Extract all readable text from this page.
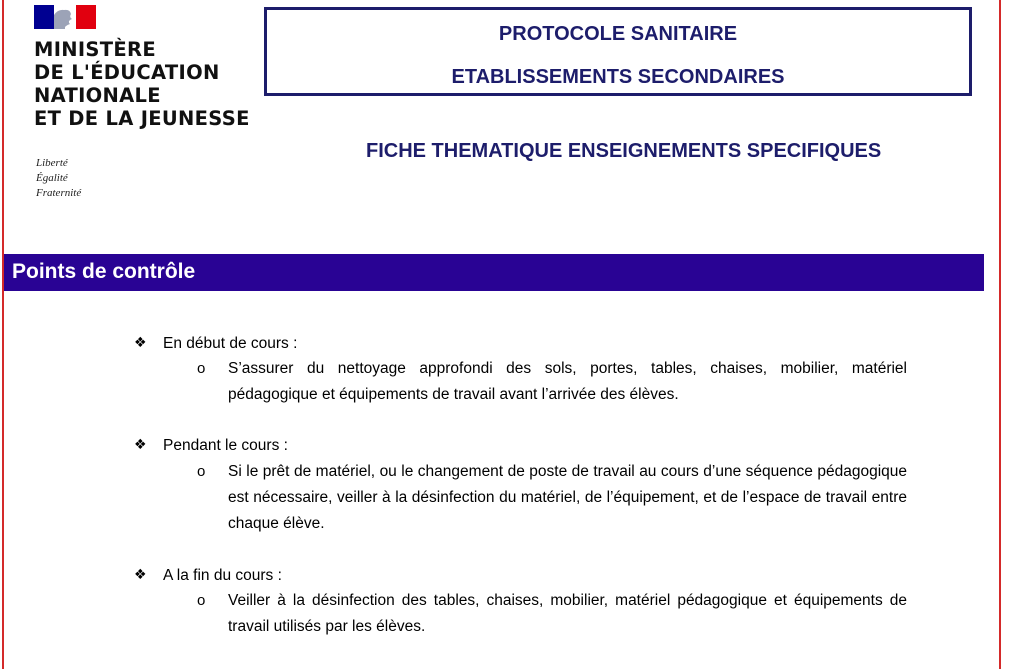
MINISTÈRE
DE L'ÉDUCATION
NATIONALE
ET DE LA JEUNESSE
Liberté
Égalité
Fraternité
PROTOCOLE SANITAIRE
ETABLISSEMENTS SECONDAIRES
FICHE THEMATIQUE ENSEIGNEMENTS SPECIFIQUES
Points de contrôle
❖	En début de cours :
o S’assurer du nettoyage approfondi des sols, portes, tables, chaises, mobilier, matériel pédagogique et équipements de travail avant l’arrivée des élèves.
❖	Pendant le cours :
o Si le prêt de matériel, ou le changement de poste de travail au cours d’une séquence pédagogique est nécessaire, veiller à la désinfection du matériel, de l’équipement, et de l’espace de travail entre chaque élève.
❖	A la fin du cours :
o Veiller à la désinfection des tables, chaises, mobilier, matériel pédagogique et équipements de travail utilisés par les élèves.
